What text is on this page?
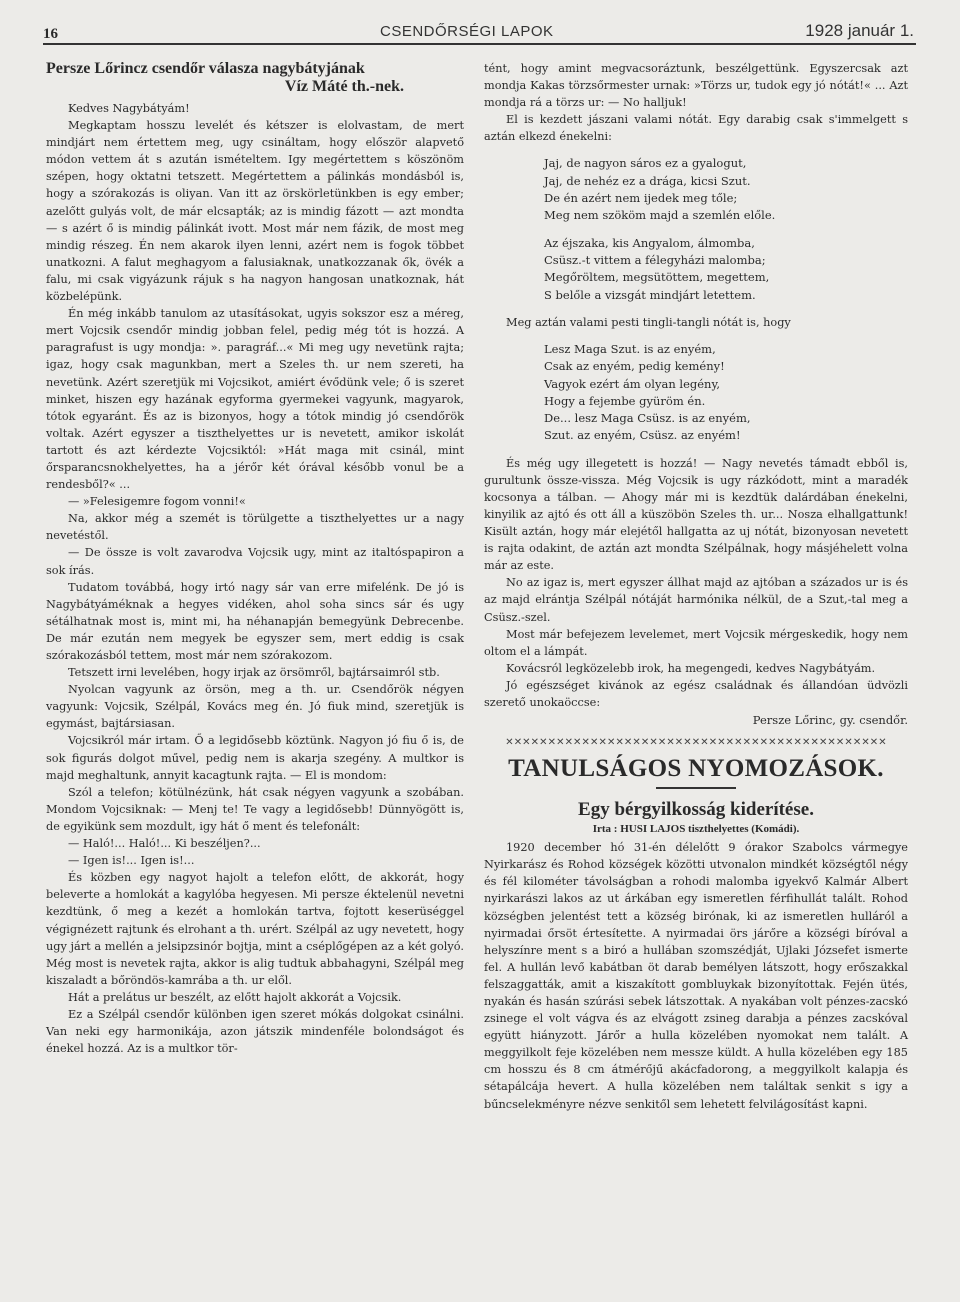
16	CSENDŐRSÉGI LAPOK	1928 január 1.
Persze Lőrincz csendőr válasza nagybátyjának
Víz Máté th.-nek.

Kedves Nagybátyám!

Megkaptam hosszu levelét és kétszer is elolvastam, de mert mindjárt nem értettem meg, ugy csináltam, hogy először alapvető módon vettem át s azután ismételtem. Igy megértettem s köszönöm szépen, hogy oktatni tetszett. Megértettem a pálinkás mondásból is, hogy a szórakozás is oliyan. Van itt az örskörletünkben is egy ember; azelőtt gulyás volt, de már elcsapták; az is mindig fázott — azt mondta — s azért ő is mindig pálinkát ivott. Most már nem fázik, de most meg mindig részeg. Én nem akarok ilyen lenni, azért nem is fogok többet unatkozni. A falut meghagyom a falusiaknak, unatkozzanak ők, övék a falu, mi csak vigyázunk rájuk s ha nagyon hangosan unatkoznak, hát közbelépünk.

Én még inkább tanulom az utasításokat, ugyis sokszor esz a méreg, mert Vojcsik csendőr mindig jobban felel, pedig még tót is hozzá. A paragrafust is ugy mondja: ». paragráf...« Mi meg ugy nevetünk rajta; igaz, hogy csak magunkban, mert a Szeles th. ur nem szereti, ha nevetünk. Azért szeretjük mi Vojcsikot, amiért évődünk vele; ő is szeret minket, hiszen egy hazának egyforma gyermekei vagyunk, magyarok, tótok egyaránt. És az is bizonyos, hogy a tótok mindig jó csendőrök voltak. Azért egyszer a tiszthelyettes ur is nevetett, amikor iskolát tartott és azt kérdezte Vojcsiktól: »Hát maga mit csinál, mint őrsparancsnokhelyettes, ha a jérőr két órával később vonul be a rendesből?« ...

— »Felesigemre fogom vonni!«

Na, akkor még a szemét is törülgette a tiszthelyettes ur a nagy nevetéstől.

— De össze is volt zavarodva Vojcsik ugy, mint az italtóspapiron a sok írás.

Tudatom továbbá, hogy irtó nagy sár van erre mifelénk. De jó is Nagybátyáméknak a hegyes vidéken, ahol soha sincs sár és ugy sétálhatnak most is, mint mi, ha néhanapján bemegyünk Debrecenbe. De már ezután nem megyek be egyszer sem, mert eddig is csak szórakozásból tettem, most már nem szórakozom.

Tetszett irni levelében, hogy irjak az örsömről, bajtársaimról stb.

Nyolcan vagyunk az örsön, meg a th. ur. Csendőrök négyen vagyunk: Vojcsik, Szélpál, Kovács meg én. Jó fiuk mind, szeretjük is egymást, bajtársiasan.

Vojcsikról már irtam. Ő a legidősebb köztünk. Nagyon jó fiu ő is, de sok figurás dolgot művel, pedig nem is akarja szegény. A multkor is majd meghaltunk, annyit kacagtunk rajta. — El is mondom:

Szól a telefon; kötülnézünk, hát csak négyen vagyunk a szobában. Mondom Vojcsiknak: — Menj te! Te vagy a legidősebb! Dünnyögött is, de egyikünk sem mozdult, igy hát ő ment és telefonált:

— Haló!... Haló!... Ki beszéljen?...

— Igen is!... Igen is!...

És közben egy nagyot hajolt a telefon előtt, de akkorát, hogy beleverte a homlokát a kagylóba hegyesen. Mi persze éktelenül nevetni kezdtünk, ő meg a kezét a homlokán tartva, fojtott keserüséggel végignézett rajtunk és elrohant a th. urért. Szélpál az ugy nevetett, hogy ugy járt a mellén a jelsipzsinór bojtja, mint a cséplőgépen az a két golyó. Még most is nevetek rajta, akkor is alig tudtuk abbahagyni, Szélpál meg kiszaladt a bőröndös-kamrába a th. ur elől.

Hát a prelátus ur beszélt, az előtt hajolt akkorát a Vojcsik.

Ez a Szélpál csendőr különben igen szeret mókás dolgokat csinálni. Van neki egy harmonikája, azon játszik mindenféle bolondságot és énekel hozzá. Az is a multkor tör-

tént, hogy amint megvacsoráztunk, beszélgettünk. Egyszercsak azt mondja Kakas törzsőrmester urnak: »Törzs ur, tudok egy jó nótát!« ... Azt mondja rá a törzs ur: — No halljuk!

El is kezdett jászani valami nótát. Egy darabig csak s'immelgett s aztán elkezd énekelni:

Jaj, de nagyon sáros ez a gyalogut,
Jaj, de nehéz ez a drága, kicsi Szut.
De én azért nem ijedek meg tőle;
Meg nem szököm majd a szemlén előle.
Az éjszaka, kis Angyalom, álmomba,
Csüsz.-t vittem a félegyházi malomba;
Megőröltem, megsütöttem, megettem,
S belőle a vizsgát mindjárt letettem.

Meg aztán valami pesti tingli-tangli nótát is, hogy

Lesz Maga Szut. is az enyém,
Csak az enyém, pedig kemény!
Vagyok ezért ám olyan legény,
Hogy a fejembe gyüröm én.
De... lesz Maga Csüsz. is az enyém,
Szut. az enyém, Csüsz. az enyém!

És még ugy illegetett is hozzá! — Nagy nevetés támadt ebből is, gurultunk össze-vissza. Még Vojcsik is ugy rázkódott, mint a maradék kocsonya a tálban. — Ahogy már mi is kezdtük dalárdában énekelni, kinyilik az ajtó és ott áll a küszöbön Szeles th. ur... Nosza elhallgattunk! Kisült aztán, hogy már elejétől hallgatta az uj nótát, bizonyosan nevetett is rajta odakint, de aztán azt mondta Szélpálnak, hogy másjéhelett volna már az este.

No az igaz is, mert egyszer állhat majd az ajtóban a százados ur is és az majd elrántja Szélpál nótáját harmónika nélkül, de a Szut,-tal meg a Csüsz.-szel.

Most már befejezem levelemet, mert Vojcsik mérgeskedik, hogy nem oltom el a lámpát.

Kovácsról legközelebb irok, ha megengedi, kedves Nagybátyám.

Jó egészséget kivánok az egész családnak és állandóan üdvözli szerető unokaöccse:

Persze Lőrinc, gy. csendőr.
✕✕✕✕✕✕✕✕✕✕✕✕✕✕✕✕✕✕✕✕✕✕✕✕✕✕✕✕✕✕✕✕✕✕✕✕✕✕✕✕✕✕✕✕✕
TANULSÁGOS NYOMOZÁSOK.
Egy bérgyilkosság kiderítése.
Irta : HUSI LAJOS tiszthelyettes (Komádi).

1920 december hó 31-én délelőtt 9 órakor Szabolcs vármegye Nyirkarász és Rohod községek közötti utvonalon mindkét községtől négy és fél kilométer távolságban a rohodi malomba igyekvő Kalmár Albert nyirkarászi lakos az ut árkában egy ismeretlen férfihullát talált. Rohod községben jelentést tett a község birónak, ki az ismeretlen hulláról a nyirmadai őrsöt értesítette. A nyirmadai örs járőre a községi bíróval a helyszínre ment s a biró a hullában szomszédját, Ujlaki Józsefet ismerte fel. A hullán levő kabátban öt darab bemélyen látszott, hogy erőszakkal felszaggatták, amit a kiszakított gombluykak bizonyítottak. Fején ütés, nyakán és hasán szúrási sebek látszottak. A nyakában volt pénzes-zacskó zsinege el volt vágva és az elvágott zsineg darabja a pénzes zacskóval együtt hiányzott. Járőr a hulla közelében nyomokat nem talált. A meggyilkolt feje közelében nem messze küldt. A hulla közelében egy 185 cm hosszu és 8 cm átmérőjű akácfadorong, a meggyilkolt kalapja és sétapálcája hevert. A hulla közelében nem találtak senkit s igy a bűncselekményre nézve senkitől sem lehetett felvilágosítást kapni.
